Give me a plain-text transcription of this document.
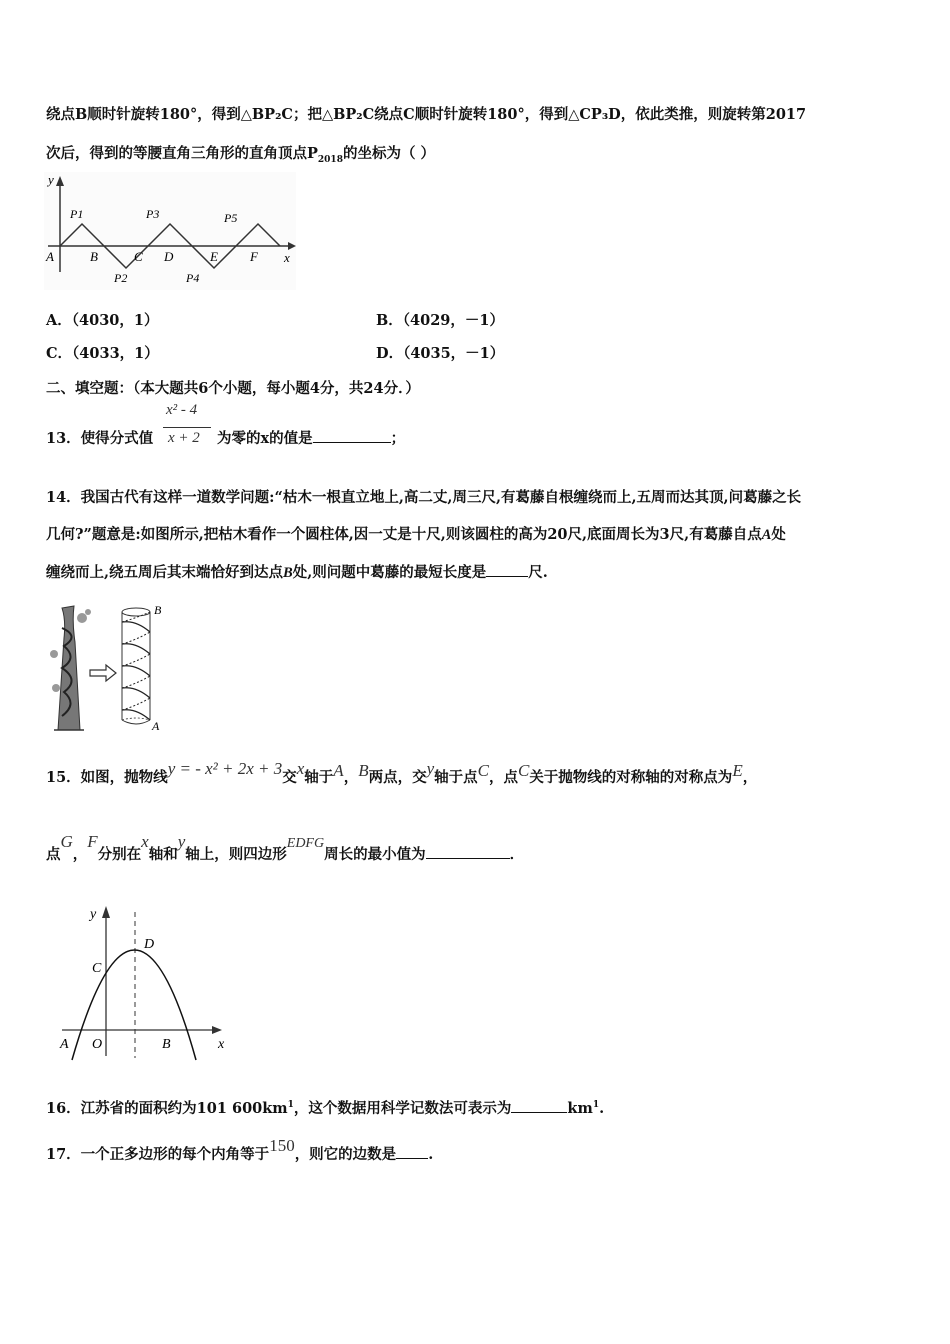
绕点B顺时针旋转180°，得到△BP₂C；把△BP₂C绕点C顺时针旋转180°，得到△CP₃D，依此类推，则旋转第2017
次后，得到的等腰直角三角形的直角顶点$P_{2018}$的坐标为（ ）
y
A	B	C D	E F x
P1
P2
P3
P4
P5
A．（4030，1）	B．（4029，－1）
C．（4033，1）	D．（4035，－1）
二、填空题：（本大题共6个小题，每小题4分，共24分．）
13．使得分式值
x² - 4
x + 2 为零的x的值是	；
14．我国古代有这样一道数学问题:“枯木一根直立地上,高二丈,周三尺,有葛藤自根缠绕而上,五周而达其顶,问葛藤之长
几何?”题意是:如图所示,把枯木看作一个圆柱体,因一丈是十尺,则该圆柱的高为20尺,底面周长为3尺,有葛藤自点A处
缠绕而上,绕五周后其末端恰好到达点B处,则问题中葛藤的最短长度是	尺.
B
A
15．如图，抛物线y = - x² + 2x + 3交x轴于A，B两点，交y轴于点C，点C关于抛物线的对称轴的对称点为E，
点G，F分别在x轴和y轴上，则四边形EDFG周长的最小值为	．
y
D
C
A O	B	x
16．江苏省的面积约为101 $600km^1$，这个数据用科学记数法可表示为	$km^1$.
17．一个正多边形的每个内角等于150，则它的边数是 .
